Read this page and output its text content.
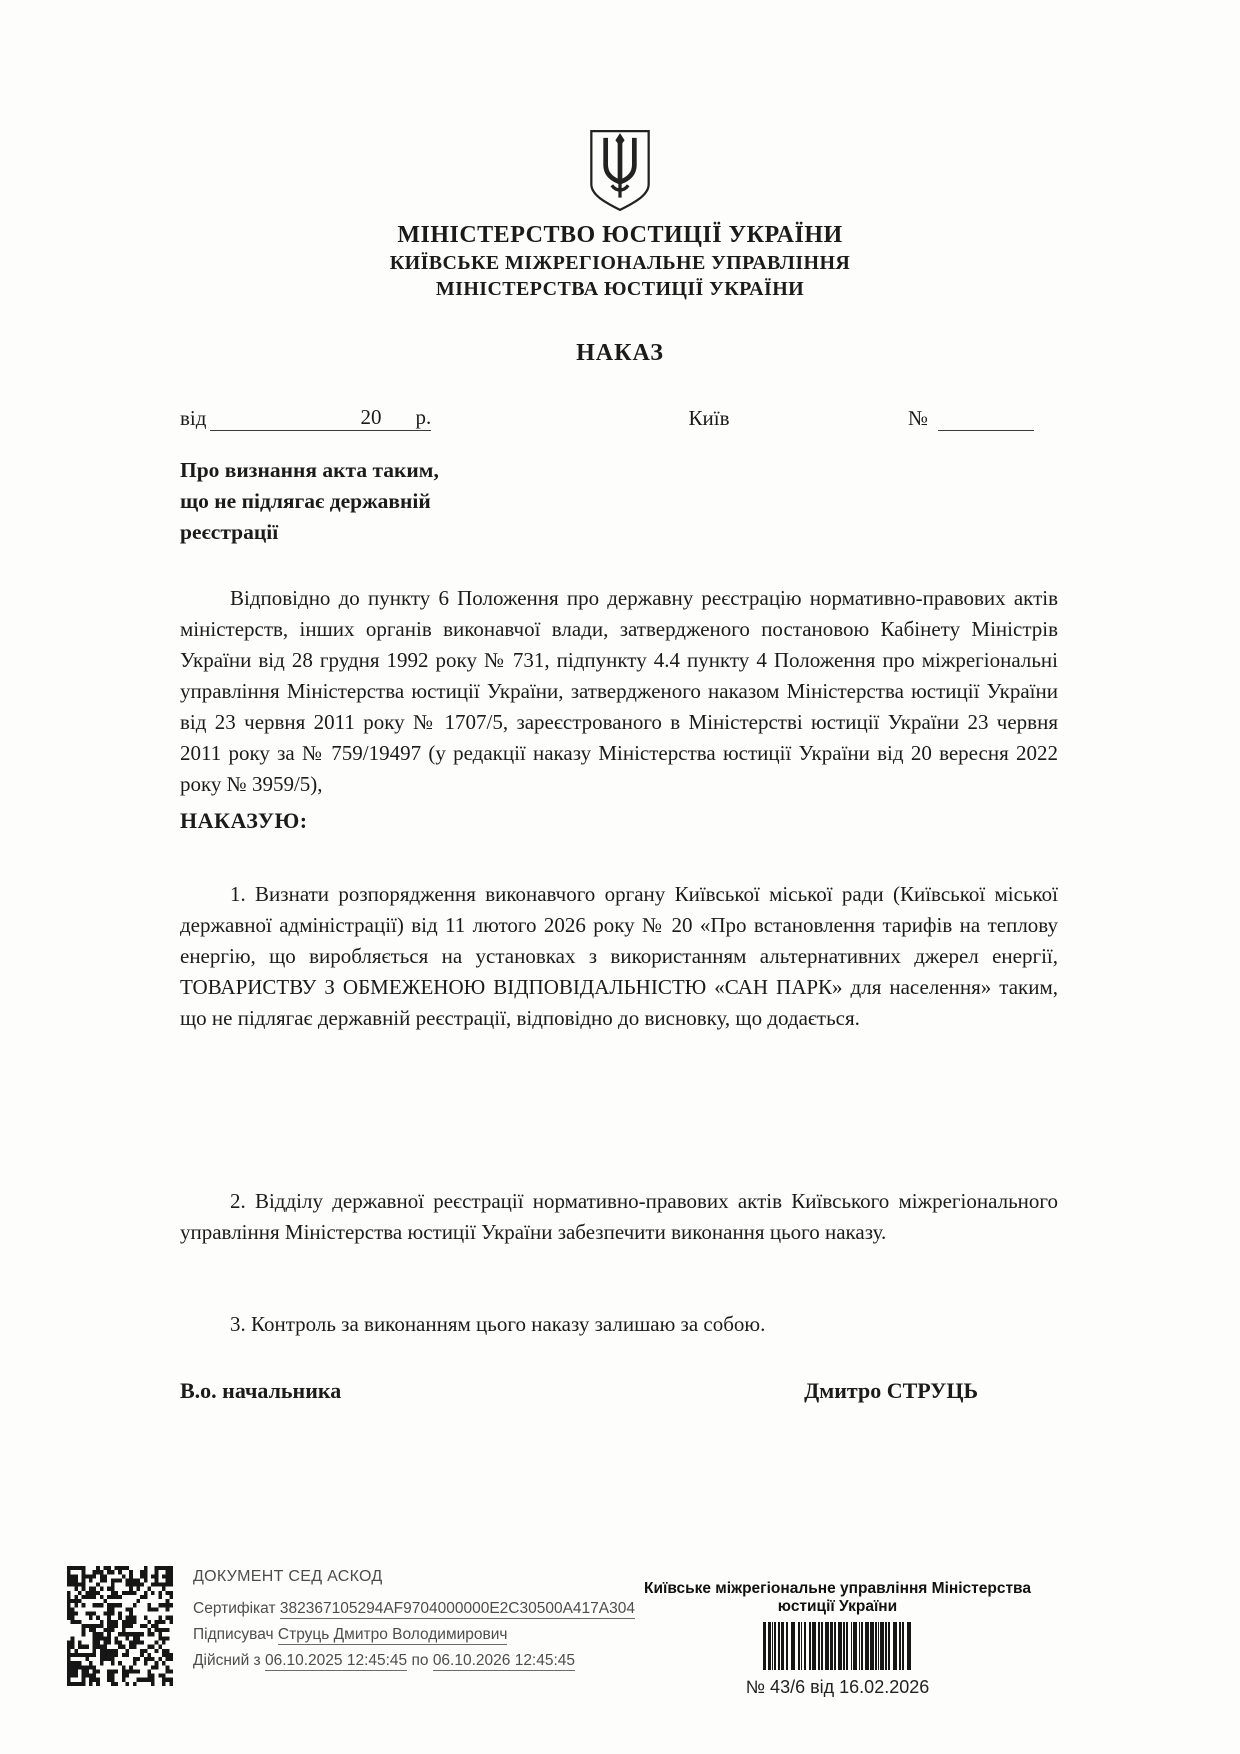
МІНІСТЕРСТВО ЮСТИЦІЇ УКРАЇНИ
КИЇВСЬКЕ МІЖРЕГІОНАЛЬНЕ УПРАВЛІННЯ
МІНІСТЕРСТВА ЮСТИЦІЇ УКРАЇНИ
НАКАЗ
від	20 р.	Київ	№
Про визнання акта таким,
що не підлягає державній
реєстрації

Відповідно до пункту 6 Положення про державну реєстрацію нормативно-правових актів міністерств, інших органів виконавчої влади, затвердженого постановою Кабінету Міністрів України від 28 грудня 1992 року № 731, підпункту 4.4 пункту 4 Положення про міжрегіональні управління Міністерства юстиції України, затвердженого наказом Міністерства юстиції України від 23 червня 2011 року № 1707/5, зареєстрованого в Міністерстві юстиції України 23 червня 2011 року за № 759/19497 (у редакції наказу Міністерства юстиції України від 20 вересня 2022 року № 3959/5),

НАКАЗУЮ:

1. Визнати розпорядження виконавчого органу Київської міської ради (Київської міської державної адміністрації) від 11 лютого 2026 року № 20 «Про встановлення тарифів на теплову енергію, що виробляється на установках з використанням альтернативних джерел енергії, ТОВАРИСТВУ З ОБМЕЖЕНОЮ ВІДПОВІДАЛЬНІСТЮ «САН ПАРК» для населення» таким, що не підлягає державній реєстрації, відповідно до висновку, що додається.

2. Відділу державної реєстрації нормативно-правових актів Київського міжрегіонального управління Міністерства юстиції України забезпечити виконання цього наказу.

3. Контроль за виконанням цього наказу залишаю за собою.

В.о. начальника	Дмитро СТРУЦЬ
ДОКУМЕНТ СЕД АСКОД
Сертифікат 382367105294AF9704000000E2C30500A417A304
Підписувач Струць Дмитро Володимирович
Дійсний з 06.10.2025 12:45:45 по 06.10.2026 12:45:45
Київське міжрегіональне управління Міністерства юстиції України
№ 43/6 від 16.02.2026
